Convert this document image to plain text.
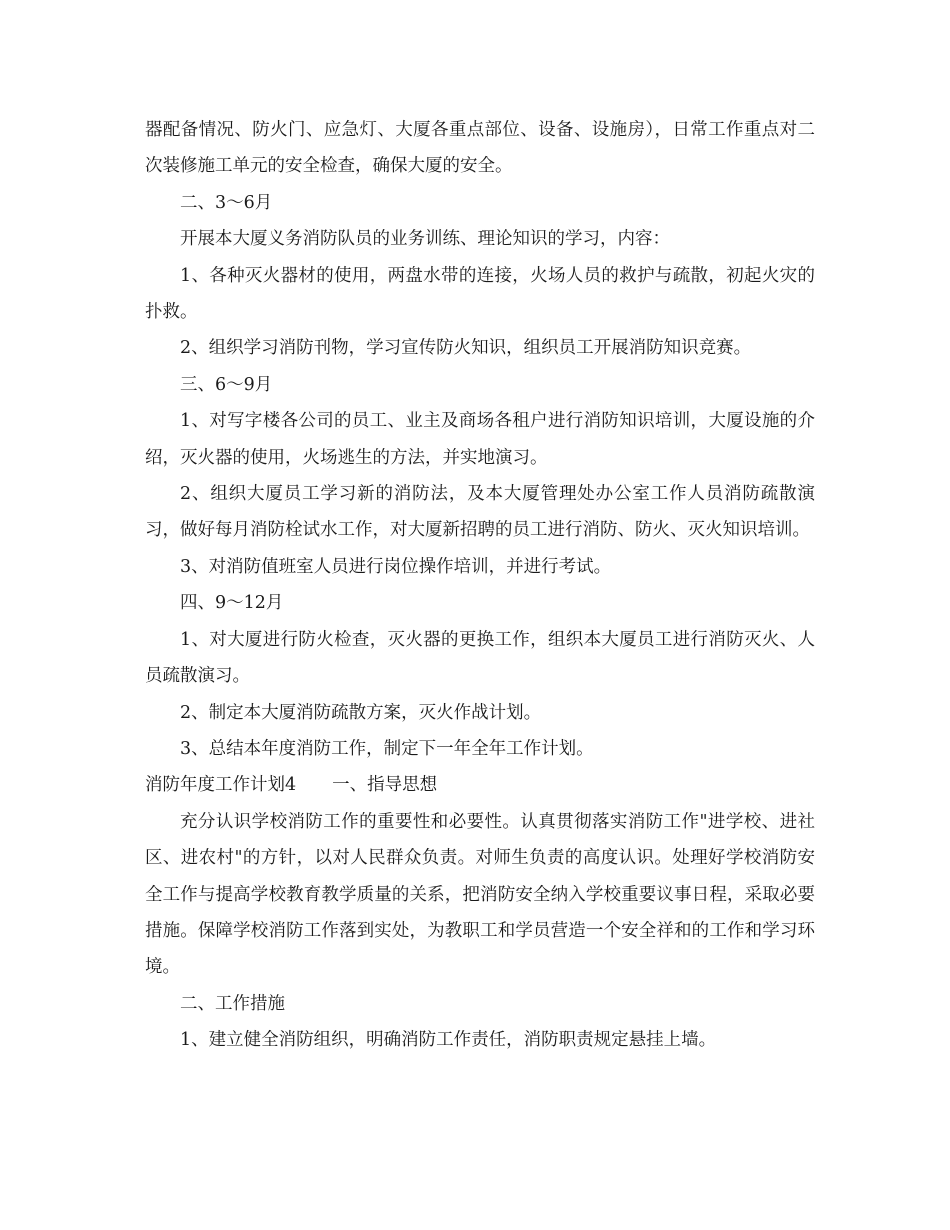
器配备情况、防火门、应急灯、大厦各重点部位、设备、设施房），日常工作重点对二次装修施工单元的安全检查，确保大厦的安全。

二、3～6月

开展本大厦义务消防队员的业务训练、理论知识的学习，内容：

1、各种灭火器材的使用，两盘水带的连接，火场人员的救护与疏散，初起火灾的扑救。

2、组织学习消防刊物，学习宣传防火知识，组织员工开展消防知识竞赛。

三、6～9月

1、对写字楼各公司的员工、业主及商场各租户进行消防知识培训，大厦设施的介绍，灭火器的使用，火场逃生的方法，并实地演习。

2、组织大厦员工学习新的消防法，及本大厦管理处办公室工作人员消防疏散演习，做好每月消防栓试水工作，对大厦新招聘的员工进行消防、防火、灭火知识培训。

3、对消防值班室人员进行岗位操作培训，并进行考试。

四、9～12月

1、对大厦进行防火检查，灭火器的更换工作，组织本大厦员工进行消防灭火、人员疏散演习。

2、制定本大厦消防疏散方案，灭火作战计划。

3、总结本年度消防工作，制定下一年全年工作计划。

消防年度工作计划4 一、指导思想

充分认识学校消防工作的重要性和必要性。认真贯彻落实消防工作"进学校、进社区、进农村"的方针，以对人民群众负责。对师生负责的高度认识。处理好学校消防安全工作与提高学校教育教学质量的关系，把消防安全纳入学校重要议事日程，采取必要措施。保障学校消防工作落到实处，为教职工和学员营造一个安全祥和的工作和学习环境。

二、工作措施

1、建立健全消防组织，明确消防工作责任，消防职责规定悬挂上墙。
